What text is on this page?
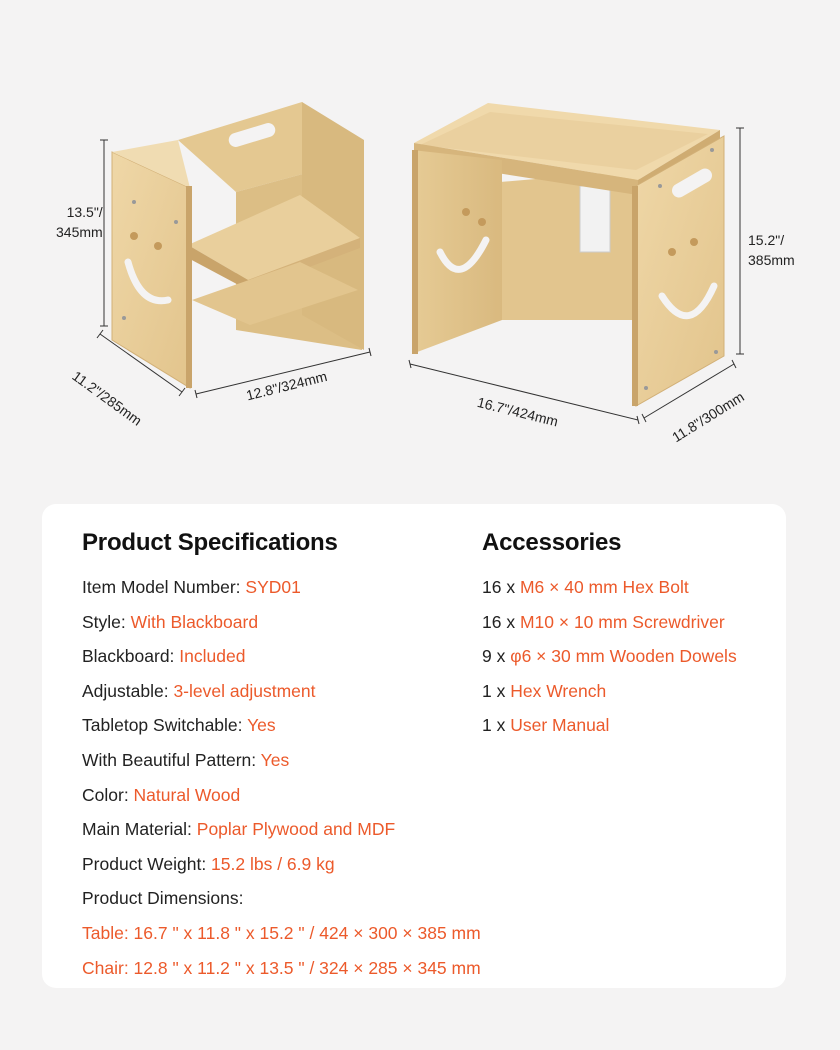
13.5"/
345mm
11.2"/285mm	12.8"/324mm
15.2"/
385mm
16.7"/424mm	11.8"/300mm
Product Specifications
Item Model Number: SYD01
Style: With Blackboard
Blackboard: Included
Adjustable: 3-level adjustment
Tabletop Switchable: Yes
With Beautiful Pattern: Yes
Color: Natural Wood
Main Material: Poplar Plywood and MDF
Product Weight: 15.2 lbs / 6.9 kg
Product Dimensions:
Table: 16.7 " x 11.8 " x 15.2 " / 424 × 300 × 385 mm
Chair: 12.8 " x 11.2 " x 13.5 " / 324 × 285 × 345 mm
Accessories
16 x M6 × 40 mm Hex Bolt
16 x M10 × 10 mm Screwdriver
9 x φ6 × 30 mm Wooden Dowels
1 x Hex Wrench
1 x User Manual
